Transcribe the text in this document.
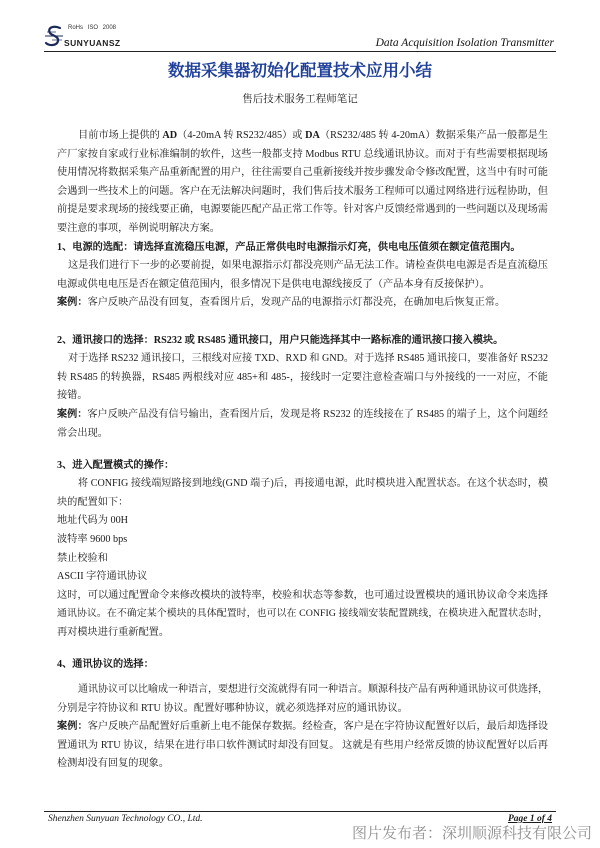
RoHs ISO 2008
SUNYUANSZ	Data Acquisition Isolation Transmitter
数据采集器初始化配置技术应用小结
售后技术服务工程师笔记
目前市场上提供的 AD（4-20mA 转 RS232/485）或 DA（RS232/485 转 4-20mA）数据采集产品一般都是生
产厂家按自家或行业标准编制的软件，这些一般都支持 Modbus RTU 总线通讯协议。而对于有些需要根据现场
使用情况将数据采集产品重新配置的用户，往往需要自己重新接线并按步骤发命令修改配置，这当中有时可能
会遇到一些技术上的问题。客户在无法解决问题时，我们售后技术服务工程师可以通过网络进行远程协助，但
前提是要求现场的接线要正确，电源要能匹配产品正常工作等。针对客户反馈经常遇到的一些问题以及现场需
要注意的事项，举例说明解决方案。
1、电源的选配：请选择直流稳压电源，产品正常供电时电源指示灯亮，供电电压值须在额定值范围内。
这是我们进行下一步的必要前提，如果电源指示灯都没亮则产品无法工作。请检查供电电源是否是直流稳压
电源或供电电压是否在额定值范围内，很多情况下是供电电源线接反了（产品本身有反接保护）。
案例：客户反映产品没有回复，查看图片后，发现产品的电源指示灯都没亮，在确加电后恢复正常。
2、通讯接口的选择：RS232 或 RS485 通讯接口，用户只能选择其中一路标准的通讯接口接入模块。
对于选择 RS232 通讯接口，三根线对应接 TXD、RXD 和 GND。对于选择 RS485 通讯接口，要准备好 RS232
转 RS485 的转换器，RS485 两根线对应 485+和 485-，接线时一定要注意检查端口与外接线的一一对应，不能
接错。
案例：客户反映产品没有信号输出，查看图片后，发现是将 RS232 的连线接在了 RS485 的端子上，这个问题经
常会出现。
3、进入配置模式的操作：
将 CONFIG 接线端短路接到地线(GND 端子)后，再接通电源，此时模块进入配置状态。在这个状态时，模
块的配置如下：
地址代码为 00H
波特率 9600 bps
禁止校验和
ASCII 字符通讯协议
这时，可以通过配置命令来修改模块的波特率，校验和状态等参数，也可通过设置模块的通讯协议命令来选择
通讯协议。在不确定某个模块的具体配置时，也可以在 CONFIG 接线端安装配置跳线，在模块进入配置状态时，
再对模块进行重新配置。
4、通讯协议的选择：
通讯协议可以比喻成一种语言，要想进行交流就得有同一种语言。顺源科技产品有两种通讯协议可供选择，
分别是字符协议和 RTU 协议。配置好哪种协议，就必须选择对应的通讯协议。
案例：客户反映产品配置好后重新上电不能保存数据。经检查，客户是在字符协议配置好以后，最后却选择设
置通讯为 RTU 协议，结果在进行串口软件测试时却没有回复。 这就是有些用户经常反馈的协议配置好以后再
检测却没有回复的现象。
Shenzhen Sunyuan Technology CO., Ltd.	Page 1 of 4
图片发布者：深圳顺源科技有限公司
